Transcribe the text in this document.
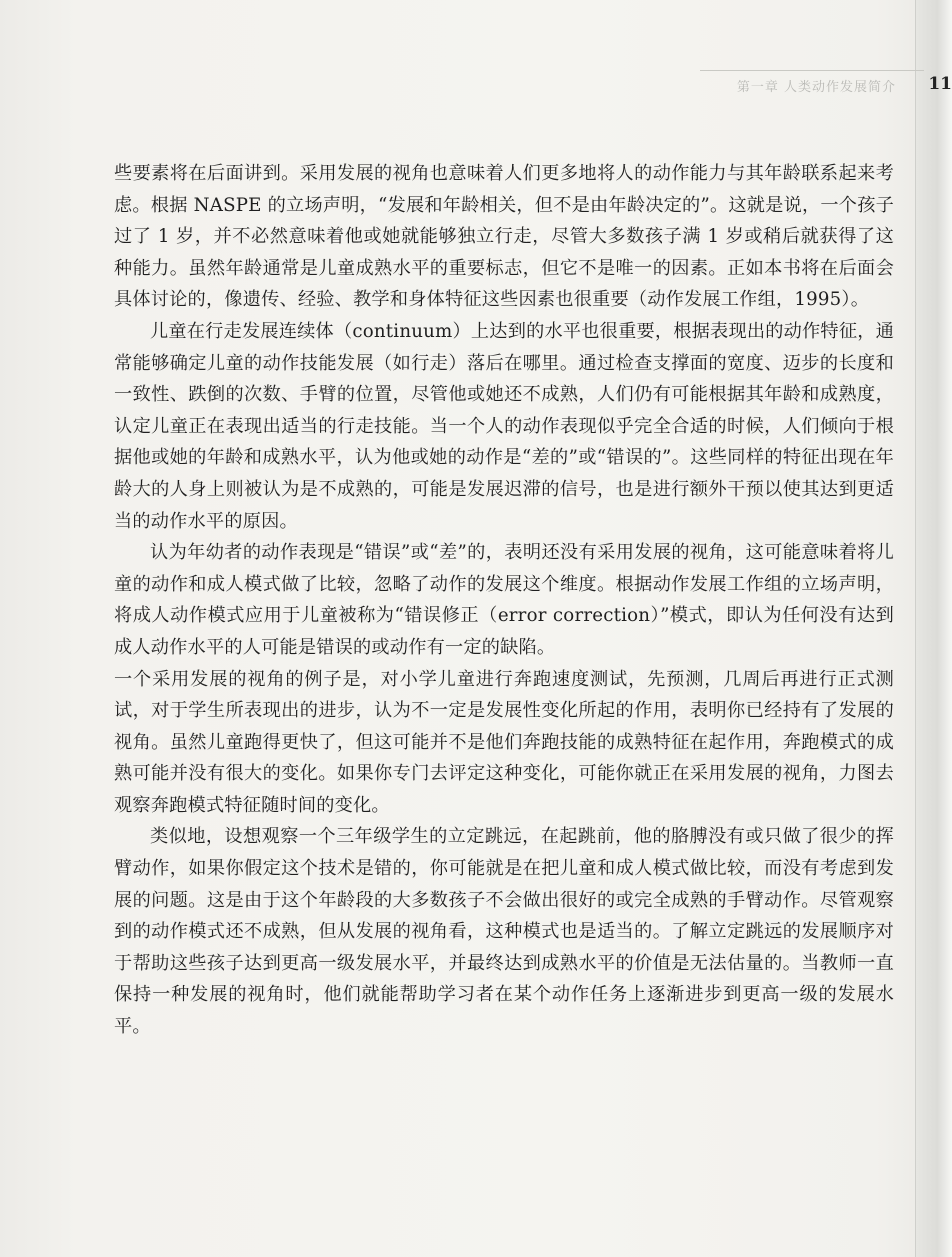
第一章 人类动作发展简介 11

些要素将在后面讲到。采用发展的视角也意味着人们更多地将人的动作能力与其年龄联系起来考虑。根据 NASPE 的立场声明，“发展和年龄相关，但不是由年龄决定的”。这就是说，一个孩子过了 1 岁，并不必然意味着他或她就能够独立行走，尽管大多数孩子满 1 岁或稍后就获得了这种能力。虽然年龄通常是儿童成熟水平的重要标志，但它不是唯一的因素。正如本书将在后面会具体讨论的，像遗传、经验、教学和身体特征这些因素也很重要（动作发展工作组，1995）。

儿童在行走发展连续体（continuum）上达到的水平也很重要，根据表现出的动作特征，通常能够确定儿童的动作技能发展（如行走）落后在哪里。通过检查支撑面的宽度、迈步的长度和一致性、跌倒的次数、手臂的位置，尽管他或她还不成熟，人们仍有可能根据其年龄和成熟度，认定儿童正在表现出适当的行走技能。当一个人的动作表现似乎完全合适的时候，人们倾向于根据他或她的年龄和成熟水平，认为他或她的动作是“差的”或“错误的”。这些同样的特征出现在年龄大的人身上则被认为是不成熟的，可能是发展迟滞的信号，也是进行额外干预以使其达到更适当的动作水平的原因。

认为年幼者的动作表现是“错误”或“差”的，表明还没有采用发展的视角，这可能意味着将儿童的动作和成人模式做了比较，忽略了动作的发展这个维度。根据动作发展工作组的立场声明，将成人动作模式应用于儿童被称为“错误修正（error correction）”模式，即认为任何没有达到成人动作水平的人可能是错误的或动作有一定的缺陷。

一个采用发展的视角的例子是，对小学儿童进行奔跑速度测试，先预测，几周后再进行正式测试，对于学生所表现出的进步，认为不一定是发展性变化所起的作用，表明你已经持有了发展的视角。虽然儿童跑得更快了，但这可能并不是他们奔跑技能的成熟特征在起作用，奔跑模式的成熟可能并没有很大的变化。如果你专门去评定这种变化，可能你就正在采用发展的视角，力图去观察奔跑模式特征随时间的变化。

类似地，设想观察一个三年级学生的立定跳远，在起跳前，他的胳膊没有或只做了很少的挥臂动作，如果你假定这个技术是错的，你可能就是在把儿童和成人模式做比较，而没有考虑到发展的问题。这是由于这个年龄段的大多数孩子不会做出很好的或完全成熟的手臂动作。尽管观察到的动作模式还不成熟，但从发展的视角看，这种模式也是适当的。了解立定跳远的发展顺序对于帮助这些孩子达到更高一级发展水平，并最终达到成熟水平的价值是无法估量的。当教师一直保持一种发展的视角时，他们就能帮助学习者在某个动作任务上逐渐进步到更高一级的发展水平。
